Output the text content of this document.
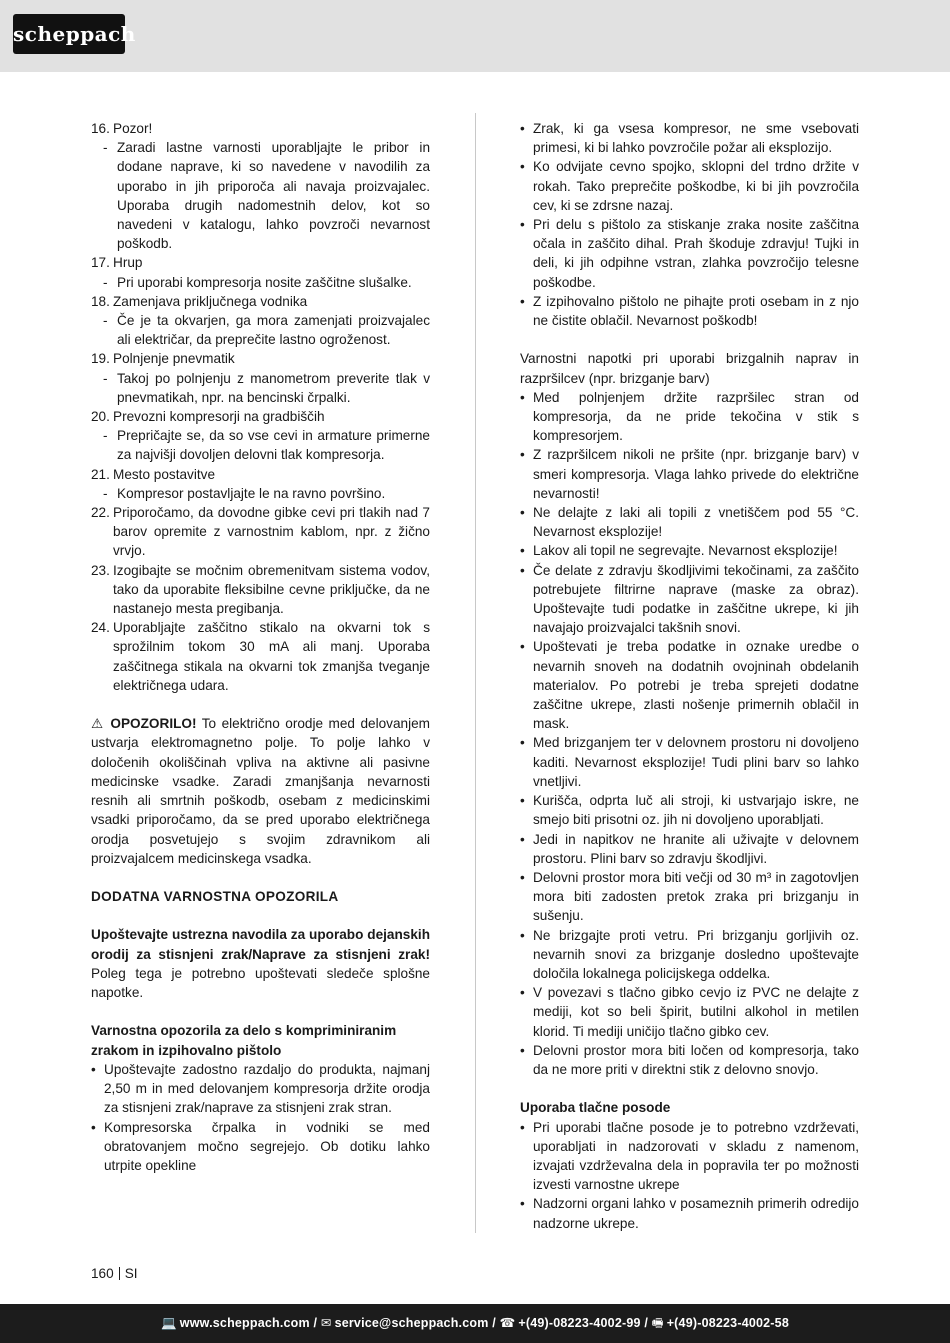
scheppach
16. Pozor!
- Zaradi lastne varnosti uporabljajte le pribor in dodane naprave, ki so navedene v navodilih za uporabo in jih priporoča ali navaja proizvajalec. Uporaba drugih nadomestnih delov, kot so navedeni v katalogu, lahko povzroči nevarnost poškodb.
17. Hrup
- Pri uporabi kompresorja nosite zaščitne slušalke.
18. Zamenjava priključnega vodnika
- Če je ta okvarjen, ga mora zamenjati proizvajalec ali električar, da preprečite lastno ogroženost.
19. Polnjenje pnevmatik
- Takoj po polnjenju z manometrom preverite tlak v pnevmatikah, npr. na bencinski črpalki.
20. Prevozni kompresorji na gradbiščih
- Prepričajte se, da so vse cevi in armature primerne za najvišji dovoljen delovni tlak kompresorja.
21. Mesto postavitve
- Kompresor postavljajte le na ravno površino.
22. Priporočamo, da dovodne gibke cevi pri tlakih nad 7 barov opremite z varnostnim kablom, npr. z žično vrvjo.
23. Izogibajte se močnim obremenitvam sistema vodov, tako da uporabite fleksibilne cevne priključke, da ne nastanejo mesta pregibanja.
24. Uporabljajte zaščitno stikalo na okvarni tok s sprožilnim tokom 30 mA ali manj. Uporaba zaščitnega stikala na okvarni tok zmanjša tveganje električnega udara.

⚠ OPOZORILO! To električno orodje med delovanjem ustvarja elektromagnetno polje. To polje lahko v določenih okoliščinah vpliva na aktivne ali pasivne medicinske vsadke. Zaradi zmanjšanja nevarnosti resnih ali smrtnih poškodb, osebam z medicinskimi vsadki priporočamo, da se pred uporabo električnega orodja posvetujejo s svojim zdravnikom ali proizvajalcem medicinskega vsadka.

DODATNA VARNOSTNA OPOZORILA

Upoštevajte ustrezna navodila za uporabo dejanskih orodij za stisnjeni zrak/Naprave za stisnjeni zrak! Poleg tega je potrebno upoštevati sledeče splošne napotke.

Varnostna opozorila za delo s kompriminiranim zrakom in izpihovalno pištolo

• Upoštevajte zadostno razdaljo do produkta, najmanj 2,50 m in med delovanjem kompresorja držite orodja za stisnjeni zrak/naprave za stisnjeni zrak stran.
• Kompresorska črpalka in vodniki se med obratovanjem močno segrejejo. Ob dotiku lahko utrpite opekline
• Zrak, ki ga vsesa kompresor, ne sme vsebovati primesi, ki bi lahko povzročile požar ali eksplozijo.
• Ko odvijate cevno spojko, sklopni del trdno držite v rokah. Tako preprečite poškodbe, ki bi jih povzročila cev, ki se zdrsne nazaj.
• Pri delu s pištolo za stiskanje zraka nosite zaščitna očala in zaščito dihal. Prah škoduje zdravju! Tujki in deli, ki jih odpihne vstran, zlahka povzročijo telesne poškodbe.
• Z izpihovalno pištolo ne pihajte proti osebam in z njo ne čistite oblačil. Nevarnost poškodb!

Varnostni napotki pri uporabi brizgalnih naprav in razpršilcev (npr. brizganje barv)

• Med polnjenjem držite razpršilec stran od kompresorja, da ne pride tekočina v stik s kompresorjem.
• Z razpršilcem nikoli ne pršite (npr. brizganje barv) v smeri kompresorja. Vlaga lahko privede do električne nevarnosti!
• Ne delajte z laki ali topili z vnetiščem pod 55 °C. Nevarnost eksplozije!
• Lakov ali topil ne segrevajte. Nevarnost eksplozije!
• Če delate z zdravju škodljivimi tekočinami, za zaščito potrebujete filtrirne naprave (maske za obraz). Upoštevajte tudi podatke in zaščitne ukrepe, ki jih navajajo proizvajalci takšnih snovi.
• Upoštevati je treba podatke in oznake uredbe o nevarnih snoveh na dodatnih ovojninah obdelanih materialov. Po potrebi je treba sprejeti dodatne zaščitne ukrepe, zlasti nošenje primernih oblačil in mask.
• Med brizganjem ter v delovnem prostoru ni dovoljeno kaditi. Nevarnost eksplozije! Tudi plini barv so lahko vnetljivi.
• Kurišča, odprta luč ali stroji, ki ustvarjajo iskre, ne smejo biti prisotni oz. jih ni dovoljeno uporabljati.
• Jedi in napitkov ne hranite ali uživajte v delovnem prostoru. Plini barv so zdravju škodljivi.
• Delovni prostor mora biti večji od 30 m³ in zagotovljen mora biti zadosten pretok zraka pri brizganju in sušenju.
• Ne brizgajte proti vetru. Pri brizganju gorljivih oz. nevarnih snovi za brizganje dosledno upoštevajte določila lokalnega policijskega oddelka.
• V povezavi s tlačno gibko cevjo iz PVC ne delajte z mediji, kot so beli špirit, butilni alkohol in metilen klorid. Ti mediji uničijo tlačno gibko cev.
• Delovni prostor mora biti ločen od kompresorja, tako da ne more priti v direktni stik z delovno snovjo.

Uporaba tlačne posode

• Pri uporabi tlačne posode je to potrebno vzdrževati, uporabljati in nadzorovati v skladu z namenom, izvajati vzdrževalna dela in popravila ter po možnosti izvesti varnostne ukrepe
• Nadzorni organi lahko v posameznih primerih odredijo nadzorne ukrepe.
160 SI
💻 www.scheppach.com / ✉ service@scheppach.com / ☎ +(49)-08223-4002-99 / 🖷 +(49)-08223-4002-58
